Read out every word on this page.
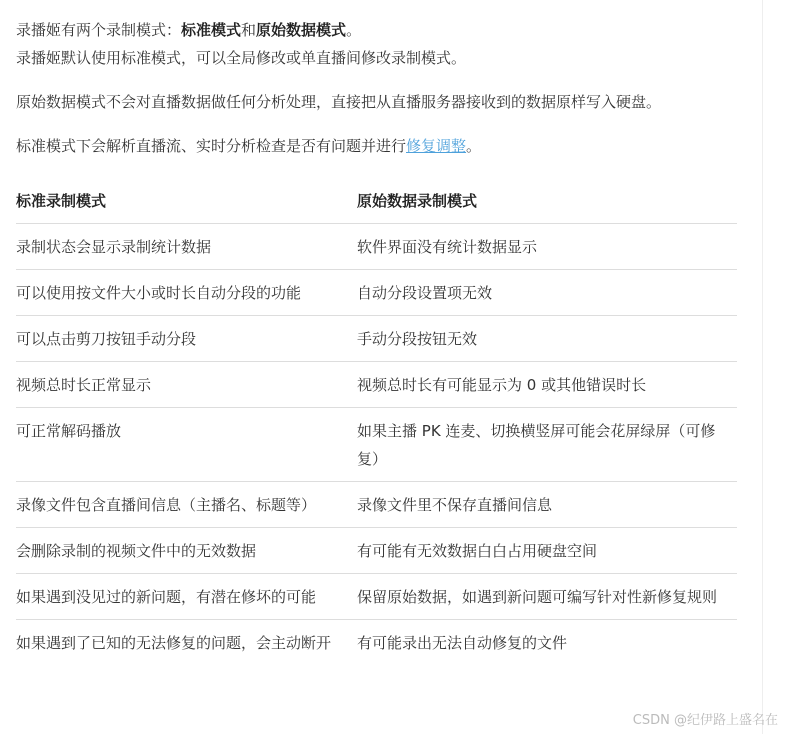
录播姬有两个录制模式：标准模式和原始数据模式。
录播姬默认使用标准模式，可以全局修改或单直播间修改录制模式。

原始数据模式不会对直播数据做任何分析处理，直接把从直播服务器接收到的数据原样写入硬盘。

标准模式下会解析直播流、实时分析检查是否有问题并进行修复调整。

标准录制模式	原始数据录制模式
录制状态会显示录制统计数据	软件界面没有统计数据显示
可以使用按文件大小或时长自动分段的功能	自动分段设置项无效
可以点击剪刀按钮手动分段	手动分段按钮无效
视频总时长正常显示	视频总时长有可能显示为 0 或其他错误时长
可正常解码播放	如果主播 PK 连麦、切换横竖屏可能会花屏绿屏（可修复）
录像文件包含直播间信息（主播名、标题等）	录像文件里不保存直播间信息
会删除录制的视频文件中的无效数据	有可能有无效数据白白占用硬盘空间
如果遇到没见过的新问题，有潜在修坏的可能	保留原始数据，如遇到新问题可编写针对性新修复规则
如果遇到了已知的无法修复的问题，会主动断开	有可能录出无法自动修复的文件
CSDN @纪伊路上盛名在
